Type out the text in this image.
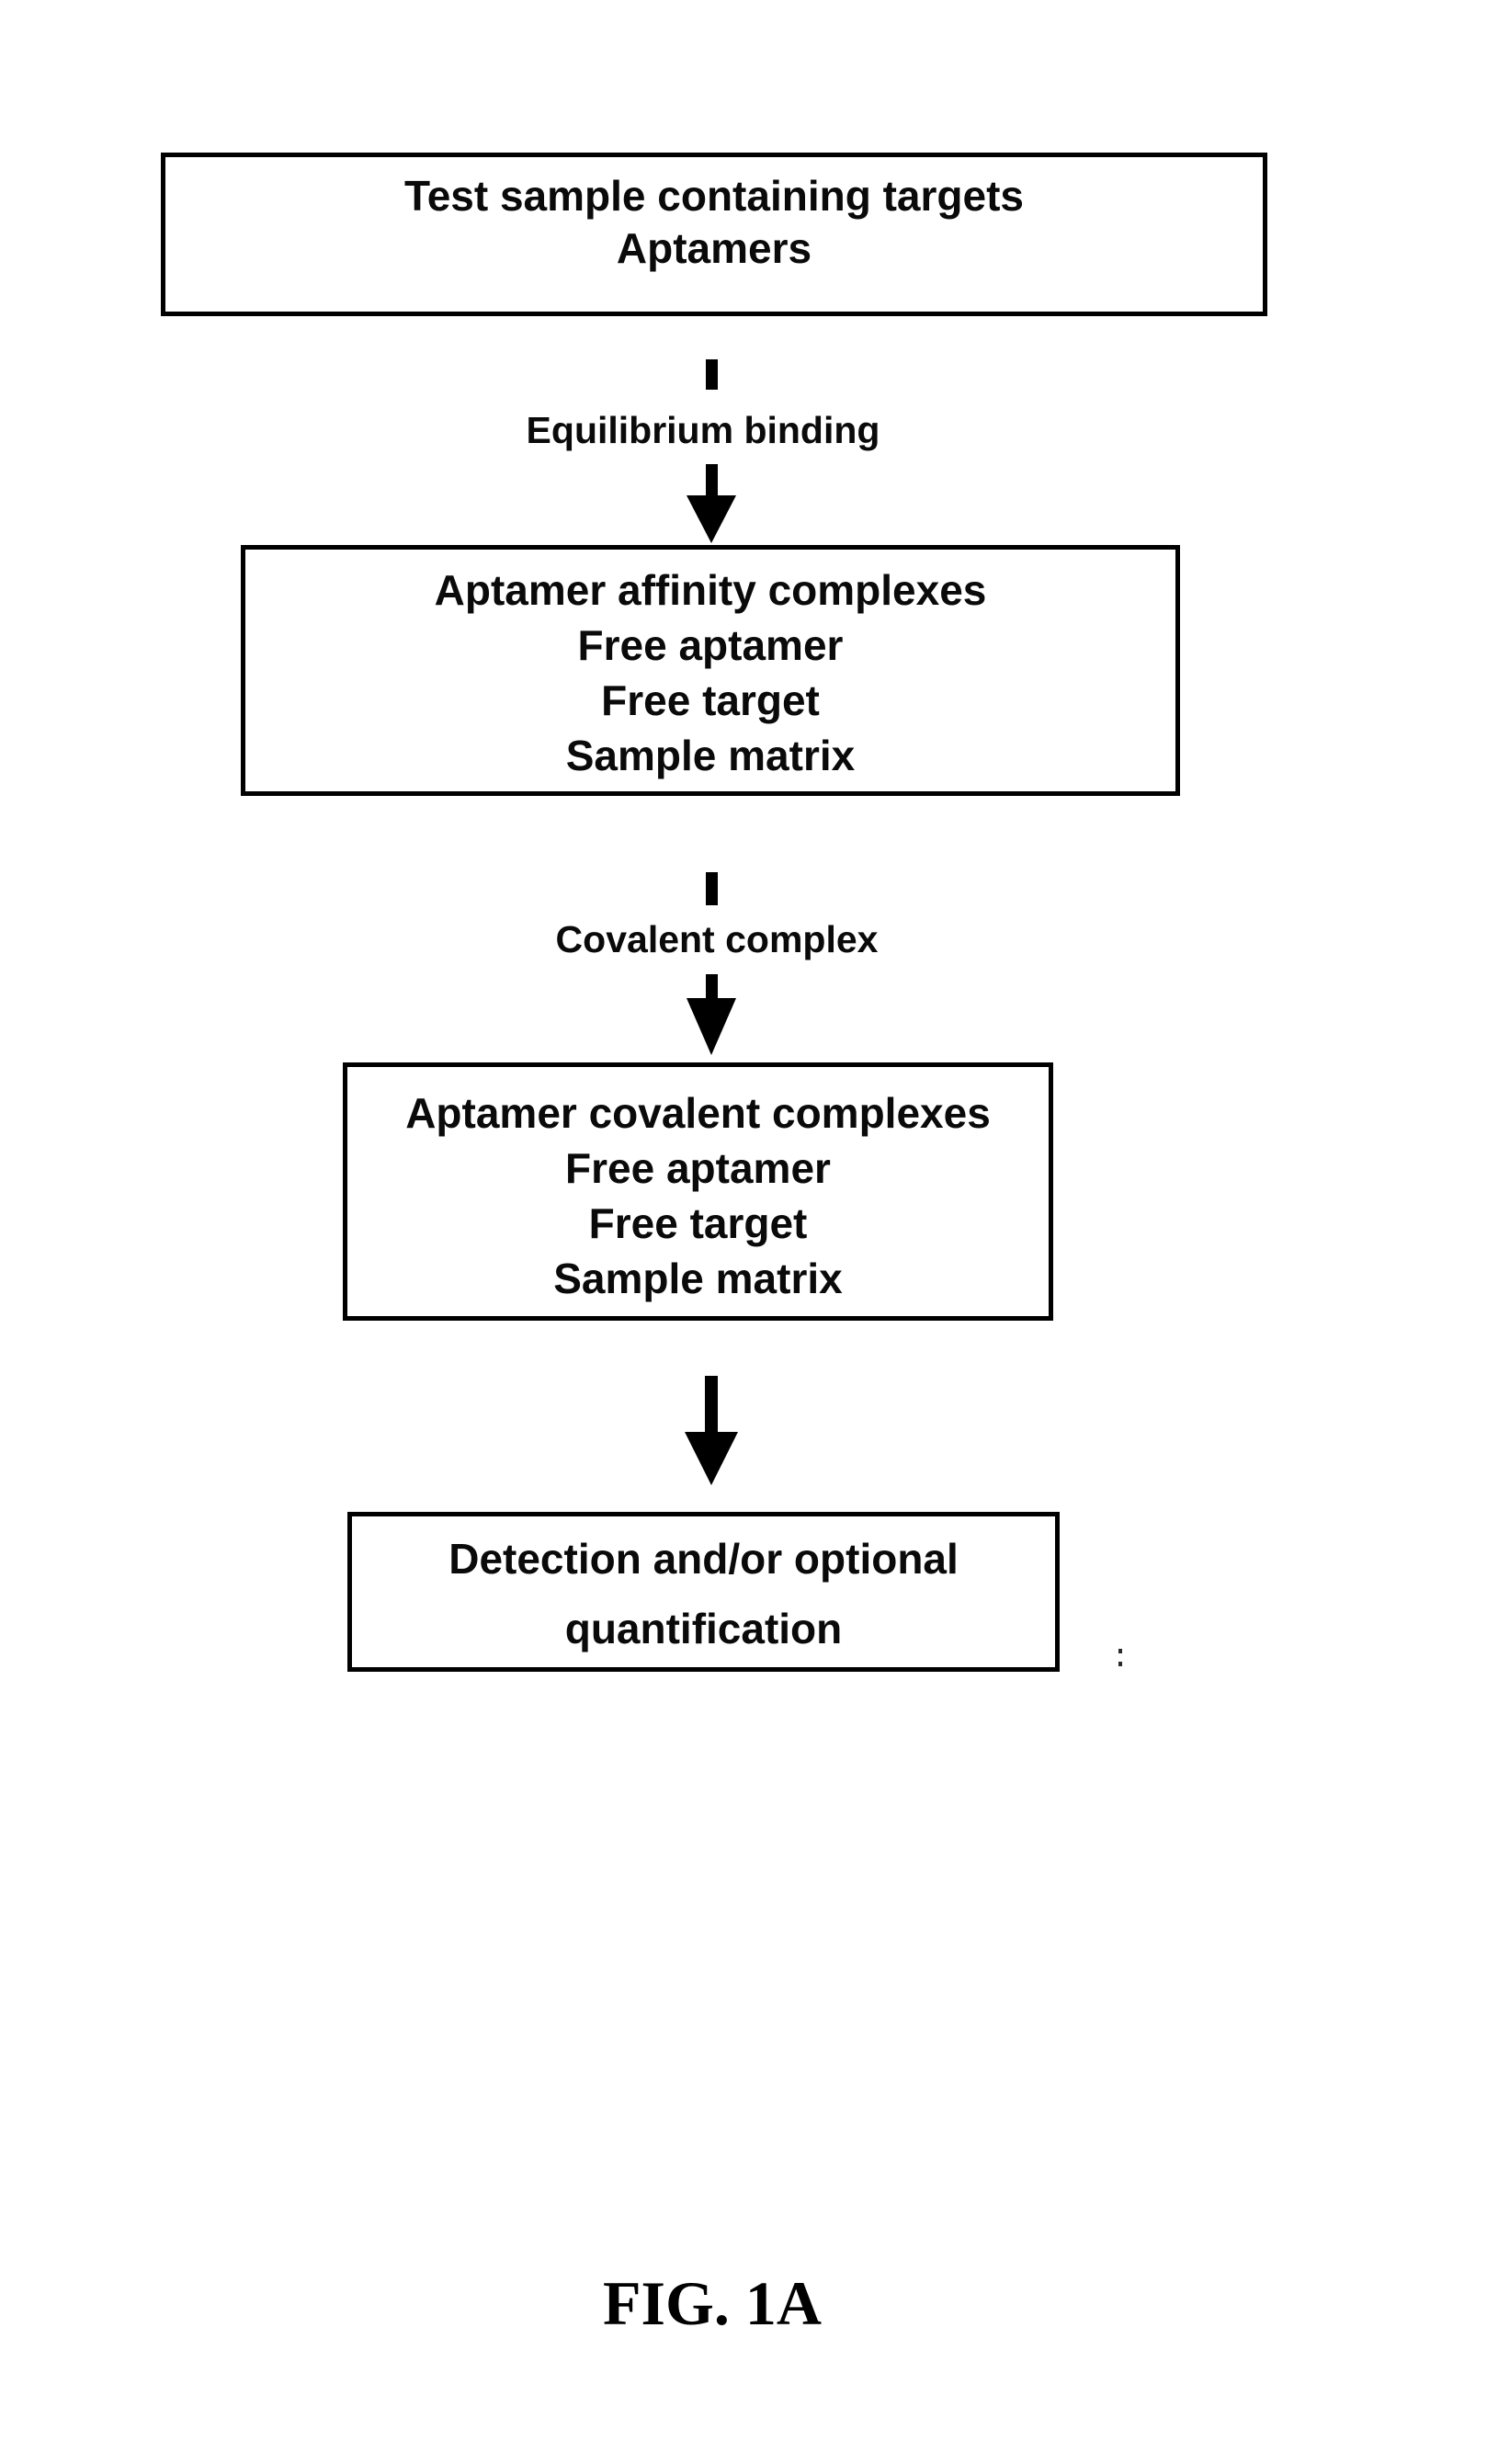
Test sample containing targets
Aptamers
Equilibrium binding
Aptamer affinity complexes
Free aptamer
Free target
Sample matrix
Covalent complex
Aptamer covalent complexes
Free aptamer
Free target
Sample matrix
Detection and/or optional
quantification
FIG. 1A
